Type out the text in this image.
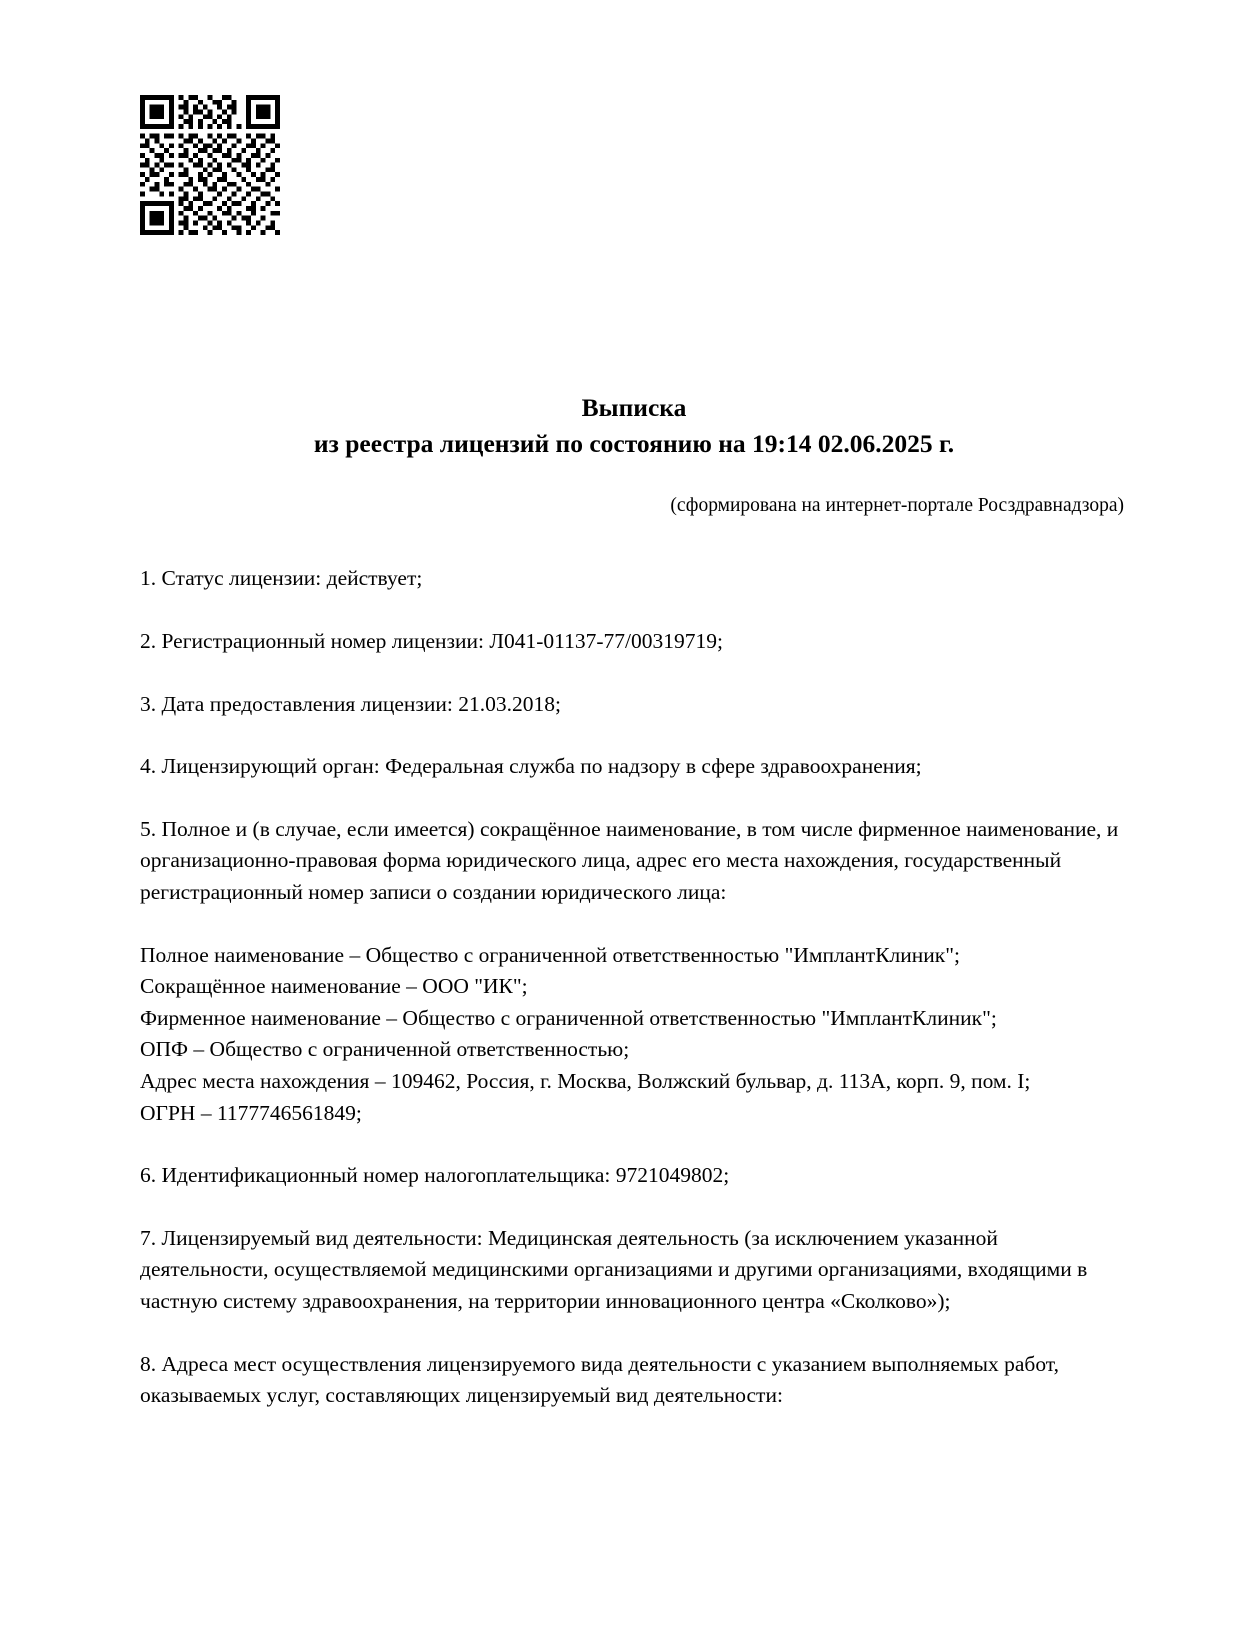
Выписка
из реестра лицензий по состоянию на 19:14 02.06.2025 г.
(сформирована на интернет-портале Росздравнадзора)

1. Статус лицензии: действует;

2. Регистрационный номер лицензии: Л041-01137-77/00319719;

3. Дата предоставления лицензии: 21.03.2018;

4. Лицензирующий орган: Федеральная служба по надзору в сфере здравоохранения;

5. Полное и (в случае, если имеется) сокращённое наименование, в том числе фирменное наименование, и организационно-правовая форма юридического лица, адрес его места нахождения, государственный регистрационный номер записи о создании юридического лица:

Полное наименование – Общество с ограниченной ответственностью "ИмплантКлиник";

Сокращённое наименование – ООО "ИК";

Фирменное наименование – Общество с ограниченной ответственностью "ИмплантКлиник";

ОПФ – Общество с ограниченной ответственностью;

Адрес места нахождения – 109462, Россия, г. Москва, Волжский бульвар, д. 113А, корп. 9, пом. I;

ОГРН – 1177746561849;

6. Идентификационный номер налогоплательщика: 9721049802;

7. Лицензируемый вид деятельности: Медицинская деятельность (за исключением указанной деятельности, осуществляемой медицинскими организациями и другими организациями, входящими в частную систему здравоохранения, на территории инновационного центра «Сколково»);

8. Адреса мест осуществления лицензируемого вида деятельности с указанием выполняемых работ, оказываемых услуг, составляющих лицензируемый вид деятельности:
